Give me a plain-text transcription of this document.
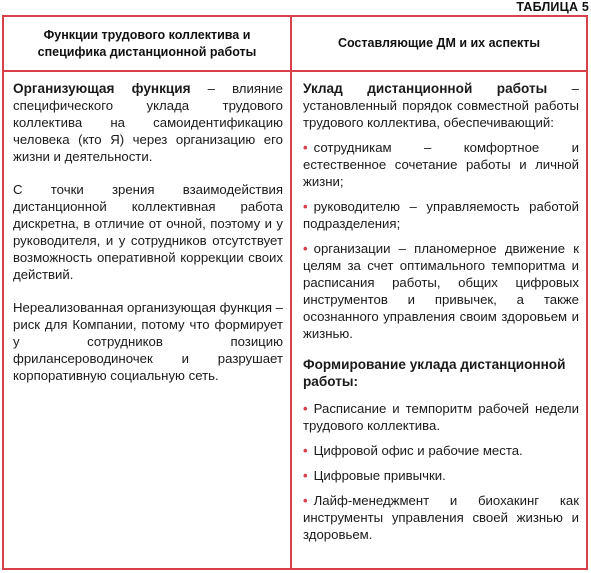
ТАБЛИЦА 5
Функции трудового коллектива и специфика дистанционной работы
Составляющие ДМ и их аспекты

Организующая функция – влияние специфического уклада трудового коллектива на самоидентификацию человека (кто Я) через организацию его жизни и деятельности.

С точки зрения взаимодействия дистанционной коллективная работа дискретна, в отличие от очной, поэтому и у руководителя, и у сотрудников отсутствует возможность оперативной коррекции своих действий.

Нереализованная организующая функция – риск для Компании, потому что формирует у сотрудников позицию фрилансероводиночек и разрушает корпоративную социальную сеть.

Уклад дистанционной работы – установленный порядок совместной работы трудового коллектива, обеспечивающий:

• сотрудникам – комфортное и естественное сочетание работы и личной жизни;

• руководителю – управляемость работой подразделения;

• организации – планомерное движение к целям за счет оптимального темпоритма и расписания работы, общих цифровых инструментов и привычек, а также осознанного управления своим здоровьем и жизнью.

Формирование уклада дистанционной работы:

• Расписание и темпоритм рабочей недели трудового коллектива.

• Цифровой офис и рабочие места.

• Цифровые привычки.

• Лайф-менеджмент и биохакинг как инструменты управления своей жизнью и здоровьем.
